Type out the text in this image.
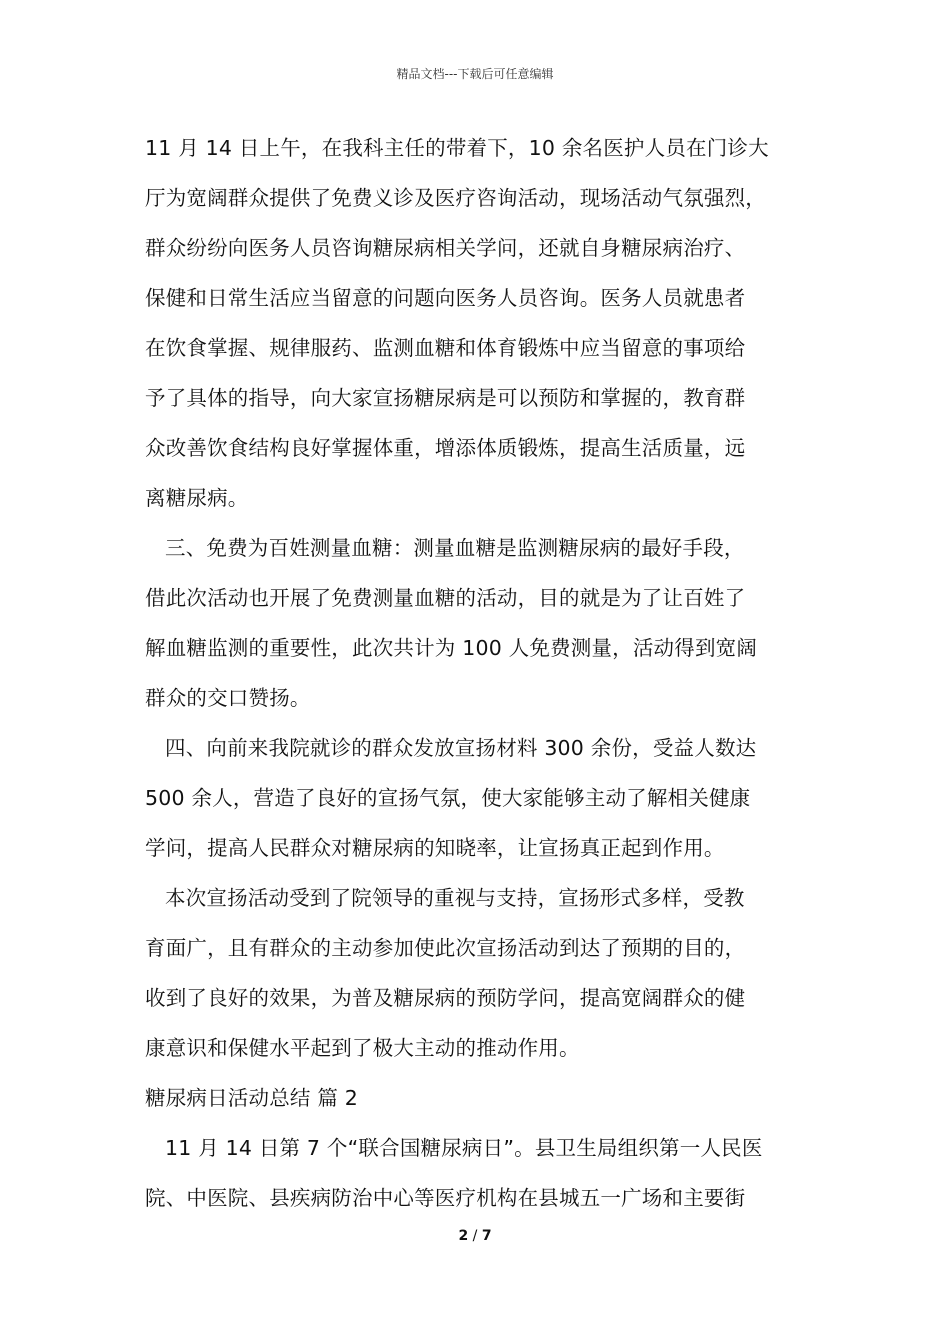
精品文档---下载后可任意编辑
11 月 14 日上午，在我科主任的带着下，10 余名医护人员在门诊大
厅为宽阔群众提供了免费义诊及医疗咨询活动，现场活动气氛强烈，
群众纷纷向医务人员咨询糖尿病相关学问，还就自身糖尿病治疗、
保健和日常生活应当留意的问题向医务人员咨询。医务人员就患者
在饮食掌握、规律服药、监测血糖和体育锻炼中应当留意的事项给
予了具体的指导，向大家宣扬糖尿病是可以预防和掌握的，教育群
众改善饮食结构良好掌握体重，增添体质锻炼，提高生活质量，远
离糖尿病。
三、免费为百姓测量血糖：测量血糖是监测糖尿病的最好手段，
借此次活动也开展了免费测量血糖的活动，目的就是为了让百姓了
解血糖监测的重要性，此次共计为 100 人免费测量，活动得到宽阔
群众的交口赞扬。
四、向前来我院就诊的群众发放宣扬材料 300 余份，受益人数达
500 余人，营造了良好的宣扬气氛，使大家能够主动了解相关健康
学问，提高人民群众对糖尿病的知晓率，让宣扬真正起到作用。
本次宣扬活动受到了院领导的重视与支持，宣扬形式多样，受教
育面广，且有群众的主动参加使此次宣扬活动到达了预期的目的，
收到了良好的效果，为普及糖尿病的预防学问，提高宽阔群众的健
康意识和保健水平起到了极大主动的推动作用。
糖尿病日活动总结 篇 2
11 月 14 日第 7 个“联合国糖尿病日”。县卫生局组织第一人民医
院、中医院、县疾病防治中心等医疗机构在县城五一广场和主要街
2 / 7
